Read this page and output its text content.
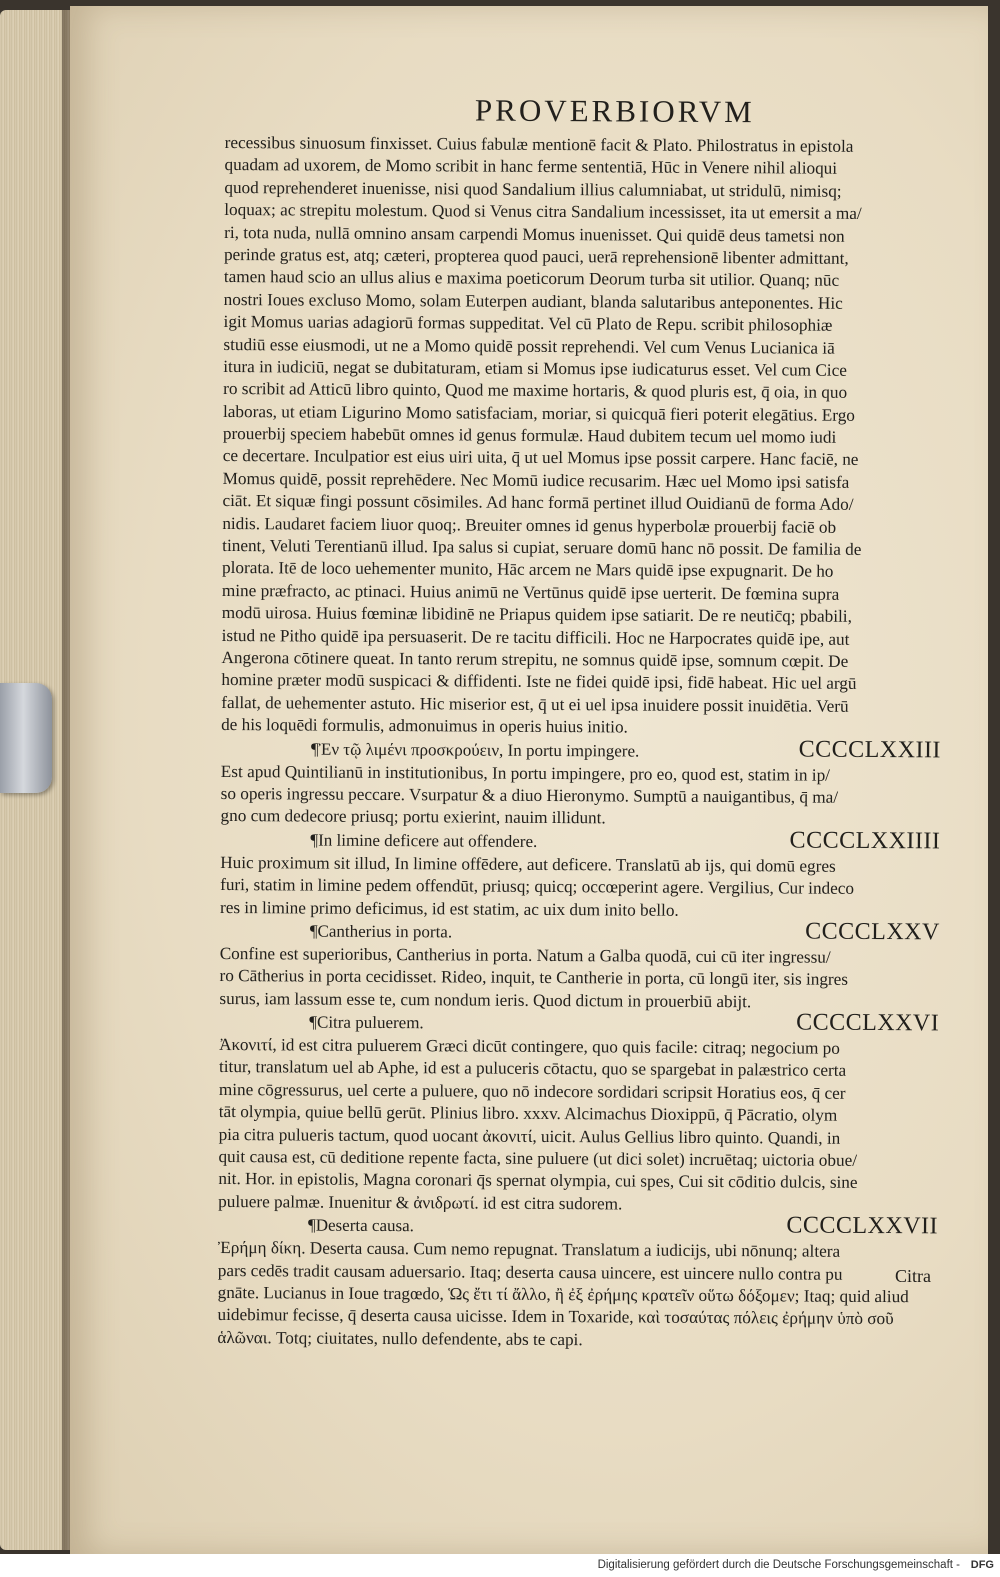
PROVERBIORVM
recessibus sinuosum finxisset. Cuius fabulæ mentionē facit & Plato. Philostratus in epistola
quadam ad uxorem, de Momo scribit in hanc ferme sententiā, Hūc in Venere nihil alioqui
quod reprehenderet inuenisse, nisi quod Sandalium illius calumniabat, ut stridulū, nimisq;
loquax; ac strepitu molestum. Quod si Venus citra Sandalium incessisset, ita ut emersit a ma/
ri, tota nuda, nullā omnino ansam carpendi Momus inuenisset. Qui quidē deus tametsi non
perinde gratus est, atq; cæteri, propterea quod pauci, uerā reprehensionē libenter admittant,
tamen haud scio an ullus alius e maxima poeticorum Deorum turba sit utilior. Quanq; nūc
nostri Ioues excluso Momo, solam Euterpen audiant, blanda salutaribus anteponentes. Hic
igit Momus uarias adagiorū formas suppeditat. Vel cū Plato de Repu. scribit philosophiæ
studiū esse eiusmodi, ut ne a Momo quidē possit reprehendi. Vel cum Venus Lucianica iā
itura in iudiciū, negat se dubitaturam, etiam si Momus ipse iudicaturus esset. Vel cum Cice
ro scribit ad Atticū libro quinto, Quod me maxime hortaris, & quod pluris est, q̄ oia, in quo
laboras, ut etiam Ligurino Momo satisfaciam, moriar, si quicquā fieri poterit elegātius. Ergo
prouerbij speciem habebūt omnes id genus formulæ. Haud dubitem tecum uel momo iudi
ce decertare. Inculpatior est eius uiri uita, q̄ ut uel Momus ipse possit carpere. Hanc faciē, ne
Momus quidē, possit reprehēdere. Nec Momū iudice recusarim. Hæc uel Momo ipsi satisfa
ciāt. Et siquæ fingi possunt cōsimiles. Ad hanc formā pertinet illud Ouidianū de forma Ado/
nidis. Laudaret faciem liuor quoq;. Breuiter omnes id genus hyperbolæ prouerbij faciē ob
tinent, Veluti Terentianū illud. Ipa salus si cupiat, seruare domū hanc nō possit. De familia de
plorata. Itē de loco uehementer munito, Hāc arcem ne Mars quidē ipse expugnarit. De ho
mine præfracto, ac ptinaci. Huius animū ne Vertūnus quidē ipse uerterit. De fœmina supra
modū uirosa. Huius fœminæ libidinē ne Priapus quidem ipse satiarit. De re neutic̄q; pbabili,
istud ne Pitho quidē ipa persuaserit. De re tacitu difficili. Hoc ne Harpocrates quidē ipe, aut
Angerona cōtinere queat. In tanto rerum strepitu, ne somnus quidē ipse, somnum cœpit. De
homine præter modū suspicaci & diffidenti. Iste ne fidei quidē ipsi, fidē habeat. Hic uel argū
fallat, de uehementer astuto. Hic miserior est, q̄ ut ei uel ipsa inuidere possit inuidētia. Verū
de his loquēdi formulis, admonuimus in operis huius initio.
¶Ἐν τῷ λιμένι προσκρούειν, In portu impingere.	CCCCLXXIII
Est apud Quintilianū in institutionibus, In portu impingere, pro eo, quod est, statim in ip/
so operis ingressu peccare. Vsurpatur & a diuo Hieronymo. Sumptū a nauigantibus, q̄ ma/
gno cum dedecore priusq; portu exierint, nauim illidunt.
¶In limine deficere aut offendere.	CCCCLXXIIII
Huic proximum sit illud, In limine offēdere, aut deficere. Translatū ab ijs, qui domū egres
furi, statim in limine pedem offendūt, priusq; quicq; occœperint agere. Vergilius, Cur indeco
res in limine primo deficimus, id est statim, ac uix dum inito bello.
¶Cantherius in porta.	CCCCLXXV
Confine est superioribus, Cantherius in porta. Natum a Galba quodā, cui cū iter ingressu/
ro Cātherius in porta cecidisset. Rideo, inquit, te Cantherie in porta, cū longū iter, sis ingres
surus, iam lassum esse te, cum nondum ieris. Quod dictum in prouerbiū abijt.
¶Citra puluerem.	CCCCLXXVI
Ἀκονιτί, id est citra puluerem Græci dicūt contingere, quo quis facile: citraq; negocium po
titur, translatum uel ab Aphe, id est a puluceris cōtactu, quo se spargebat in palæstrico certa
mine cōgressurus, uel certe a puluere, quo nō indecore sordidari scripsit Horatius eos, q̄ cer
tāt olympia, quiue bellū gerūt. Plinius libro. xxxv. Alcimachus Dioxippū, q̄ Pācratio, olym
pia citra pulueris tactum, quod uocant ἀκονιτί, uicit. Aulus Gellius libro quinto. Quandi, in
quit causa est, cū deditione repente facta, sine puluere (ut dici solet) incruētaq; uictoria obue/
nit. Hor. in epistolis, Magna coronari q̄s spernat olympia, cui spes, Cui sit cōditio dulcis, sine
puluere palmæ. Inuenitur & ἀνιδρωτί. id est citra sudorem.
¶Deserta causa.	CCCCLXXVII
Ἐρήμη δίκη. Deserta causa. Cum nemo repugnat. Translatum a iudicijs, ubi nōnunq; altera
pars cedēs tradit causam aduersario. Itaq; deserta causa uincere, est uincere nullo contra pu
gnāte. Lucianus in Ioue tragœdo, Ὡς ἔτι τί ἄλλο, ἢ ἐξ ἐρήμης κρατεῖν οὕτω δόξομεν; Itaq; quid aliud
uidebimur fecisse, q̄ deserta causa uicisse. Idem in Toxaride, καὶ τοσαύτας πόλεις ἐρήμην ὑπὸ σοῦ
ἁλῶναι. Totq; ciuitates, nullo defendente, abs te capi.
Citra
Digitalisierung gefördert durch die Deutsche Forschungsgemeinschaft - DFG
